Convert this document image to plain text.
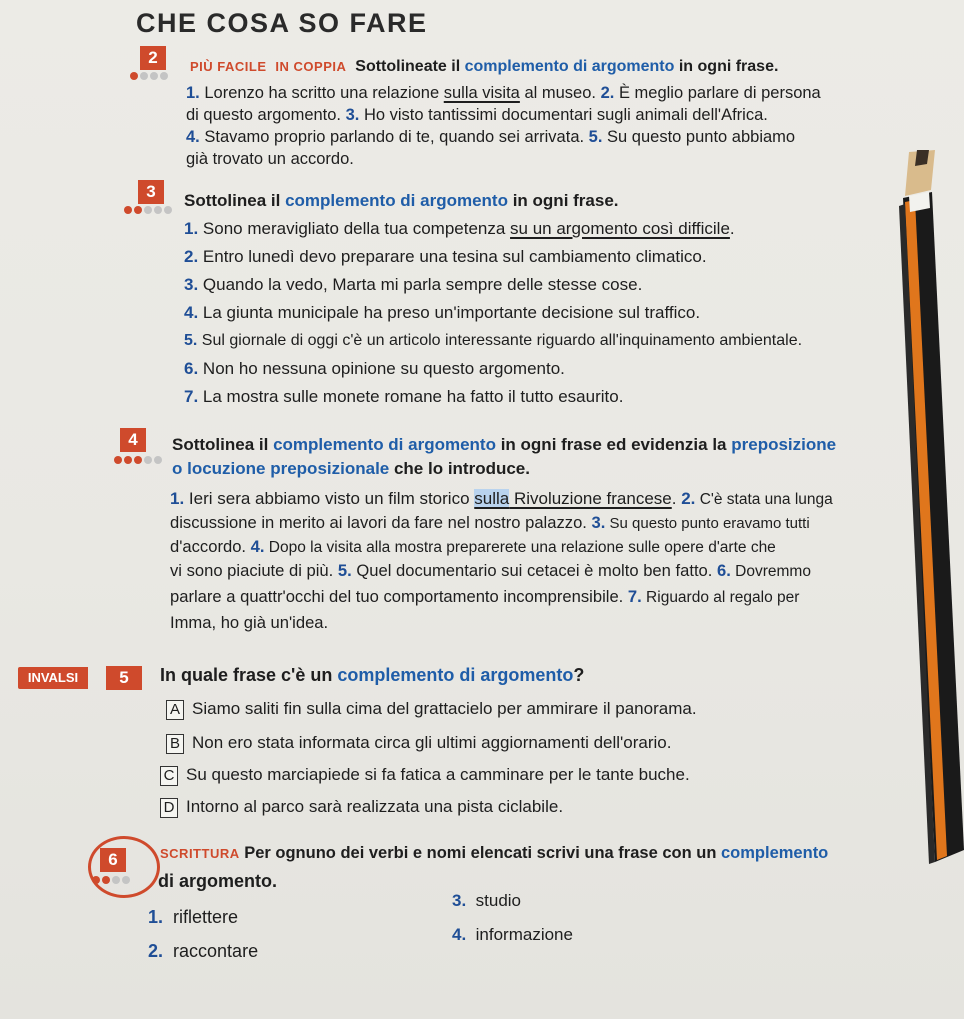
CHE COSA SO FARE
2	PIÙ FACILE IN COPPIA Sottolineate il complemento di argomento in ogni frase.
1. Lorenzo ha scritto una relazione sulla visita al museo. 2. È meglio parlare di persona
di questo argomento. 3. Ho visto tantissimi documentari sugli animali dell'Africa.
4. Stavamo proprio parlando di te, quando sei arrivata. 5. Su questo punto abbiamo
già trovato un accordo.
3	Sottolinea il complemento di argomento in ogni frase.
1. Sono meravigliato della tua competenza su un argomento così difficile.
2. Entro lunedì devo preparare una tesina sul cambiamento climatico.
3. Quando la vedo, Marta mi parla sempre delle stesse cose.
4. La giunta municipale ha preso un'importante decisione sul traffico.
5. Sul giornale di oggi c'è un articolo interessante riguardo all'inquinamento ambientale.
6. Non ho nessuna opinione su questo argomento.
7. La mostra sulle monete romane ha fatto il tutto esaurito.
4	Sottolinea il complemento di argomento in ogni frase ed evidenzia la preposizione
o locuzione preposizionale che lo introduce.
1. Ieri sera abbiamo visto un film storico sulla Rivoluzione francese. 2. C'è stata una lunga
discussione in merito ai lavori da fare nel nostro palazzo. 3. Su questo punto eravamo tutti
d'accordo. 4. Dopo la visita alla mostra preparerete una relazione sulle opere d'arte che
vi sono piaciute di più. 5. Quel documentario sui cetacei è molto ben fatto. 6. Dovremmo
parlare a quattr'occhi del tuo comportamento incomprensibile. 7. Riguardo al regalo per
Imma, ho già un'idea.
INVALSI	5	In quale frase c'è un complemento di argomento?
A Siamo saliti fin sulla cima del grattacielo per ammirare il panorama.
B Non ero stata informata circa gli ultimi aggiornamenti dell'orario.
C Su questo marciapiede si fa fatica a camminare per le tante buche.
D Intorno al parco sarà realizzata una pista ciclabile.
6	SCRITTURA Per ognuno dei verbi e nomi elencati scrivi una frase con un complemento
di argomento.
1. riflettere
2. raccontare
3. studio
4. informazione
